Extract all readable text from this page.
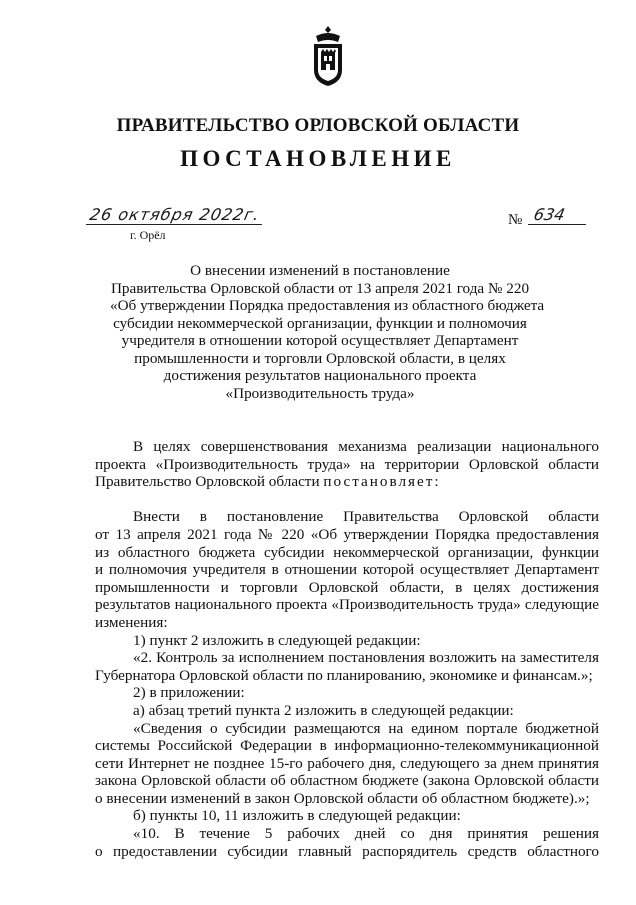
ПРАВИТЕЛЬСТВО ОРЛОВСКОЙ ОБЛАСТИ
ПОСТАНОВЛЕНИЕ
26 октября 2022г.
г. Орёл
№ 634
О внесении изменений в постановление
Правительства Орловской области от 13 апреля 2021 года № 220
«Об утверждении Порядка предоставления из областного бюджета
субсидии некоммерческой организации, функции и полномочия
учредителя в отношении которой осуществляет Департамент
промышленности и торговли Орловской области, в целях
достижения результатов национального проекта
«Производительность труда»
В целях совершенствования механизма реализации национального
проекта «Производительность труда» на территории Орловской области
Правительство Орловской области постановляет:
Внести в постановление Правительства Орловской области
от 13 апреля 2021 года № 220 «Об утверждении Порядка предоставления
из областного бюджета субсидии некоммерческой организации, функции
и полномочия учредителя в отношении которой осуществляет Департамент
промышленности и торговли Орловской области, в целях достижения
результатов национального проекта «Производительность труда» следующие
изменения:
1) пункт 2 изложить в следующей редакции:
«2. Контроль за исполнением постановления возложить на заместителя
Губернатора Орловской области по планированию, экономике и финансам.»;
2) в приложении:
а) абзац третий пункта 2 изложить в следующей редакции:
«Сведения о субсидии размещаются на едином портале бюджетной
системы Российской Федерации в информационно-телекоммуникационной
сети Интернет не позднее 15-го рабочего дня, следующего за днем принятия
закона Орловской области об областном бюджете (закона Орловской области
о внесении изменений в закон Орловской области об областном бюджете).»;
б) пункты 10, 11 изложить в следующей редакции:
«10. В течение 5 рабочих дней со дня принятия решения
о предоставлении субсидии главный распорядитель средств областного
